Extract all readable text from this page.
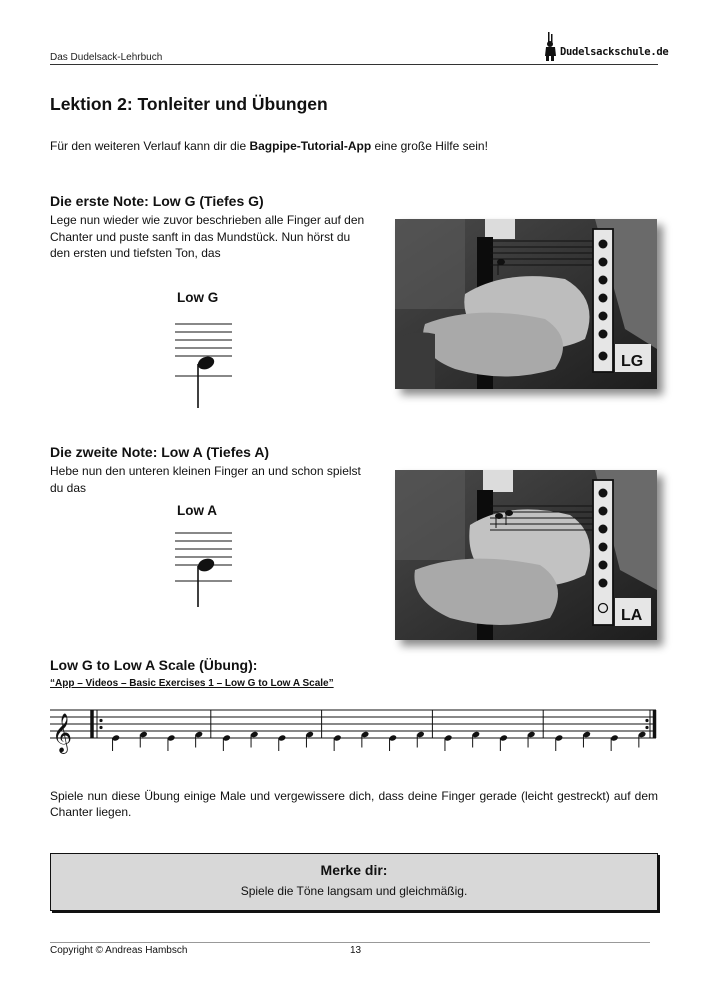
Das Dudelsack-Lehrbuch	Dudelsackschule.de
Lektion 2: Tonleiter und Übungen
Für den weiteren Verlauf kann dir die Bagpipe-Tutorial-App eine große Hilfe sein!
Die erste Note: Low G (Tiefes G)
Lege nun wieder wie zuvor beschrieben alle Finger auf den Chanter und puste sanft in das Mundstück. Nun hörst du den ersten und tiefsten Ton, das
Low G
LG
Die zweite Note: Low A (Tiefes A)
Hebe nun den unteren kleinen Finger an und schon spielst du das
Low A
LA
Low G to Low A Scale (Übung):
“App – Videos – Basic Exercises 1 – Low G to Low A Scale”
𝄞
Spiele nun diese Übung einige Male und vergewissere dich, dass deine Finger gerade (leicht gestreckt) auf dem Chanter liegen.
Merke dir:
Spiele die Töne langsam und gleichmäßig.
Copyright © Andreas Hambsch	13
